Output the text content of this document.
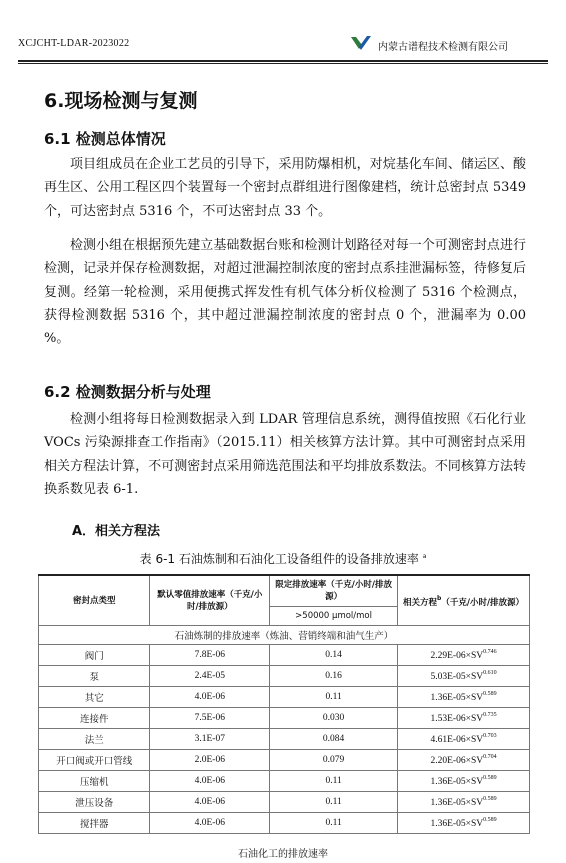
XCJCHT-LDAR-2023022	内蒙古谱程技术检测有限公司
6.现场检测与复测
6.1 检测总体情况
项目组成员在企业工艺员的引导下，采用防爆相机，对烷基化车间、储运区、酸再生区、公用工程区四个装置每一个密封点群组进行图像建档，统计总密封点 5349 个，可达密封点 5316 个，不可达密封点 33 个。
检测小组在根据预先建立基础数据台账和检测计划路径对每一个可测密封点进行检测，记录并保存检测数据，对超过泄漏控制浓度的密封点系挂泄漏标签，待修复后复测。经第一轮检测，采用便携式挥发性有机气体分析仪检测了 5316 个检测点，获得检测数据 5316 个，其中超过泄漏控制浓度的密封点 0 个，泄漏率为 0.00 %。
6.2 检测数据分析与处理
检测小组将每日检测数据录入到 LDAR 管理信息系统，测得值按照《石化行业 VOCs 污染源排查工作指南》（2015.11）相关核算方法计算。其中可测密封点采用相关方程法计算，不可测密封点采用筛选范围法和平均排放系数法。不同核算方法转换系数见表 6-1.
A．相关方程法
表 6-1 石油炼制和石油化工设备组件的设备排放速率 $^a$
密封点类型	默认零值排放速率（千克/小时/排放源）	限定排放速率（千克/小时/排放源）	相关方程$^b$（千克/小时/排放源）
		>50000 μmol/mol	
石油炼制的排放速率（炼油、营销终端和油气生产）			
阀门	7.8E-06	0.14	$2.29E-06\times SV^{0.746}$
泵	2.4E-05	0.16	$5.03E-05\times SV^{0.610}$
其它	4.0E-06	0.11	$1.36E-05\times SV^{0.589}$
连接件	7.5E-06	0.030	$1.53E-06\times SV^{0.735}$
法兰	3.1E-07	0.084	$4.61E-06\times SV^{0.703}$
开口阀或开口管线	2.0E-06	0.079	$2.20E-06\times SV^{0.704}$
压缩机	4.0E-06	0.11	$1.36E-05\times SV^{0.589}$
泄压设备	4.0E-06	0.11	$1.36E-05\times SV^{0.589}$
搅拌器	4.0E-06	0.11	$1.36E-05\times SV^{0.589}$
石油化工的排放速率
